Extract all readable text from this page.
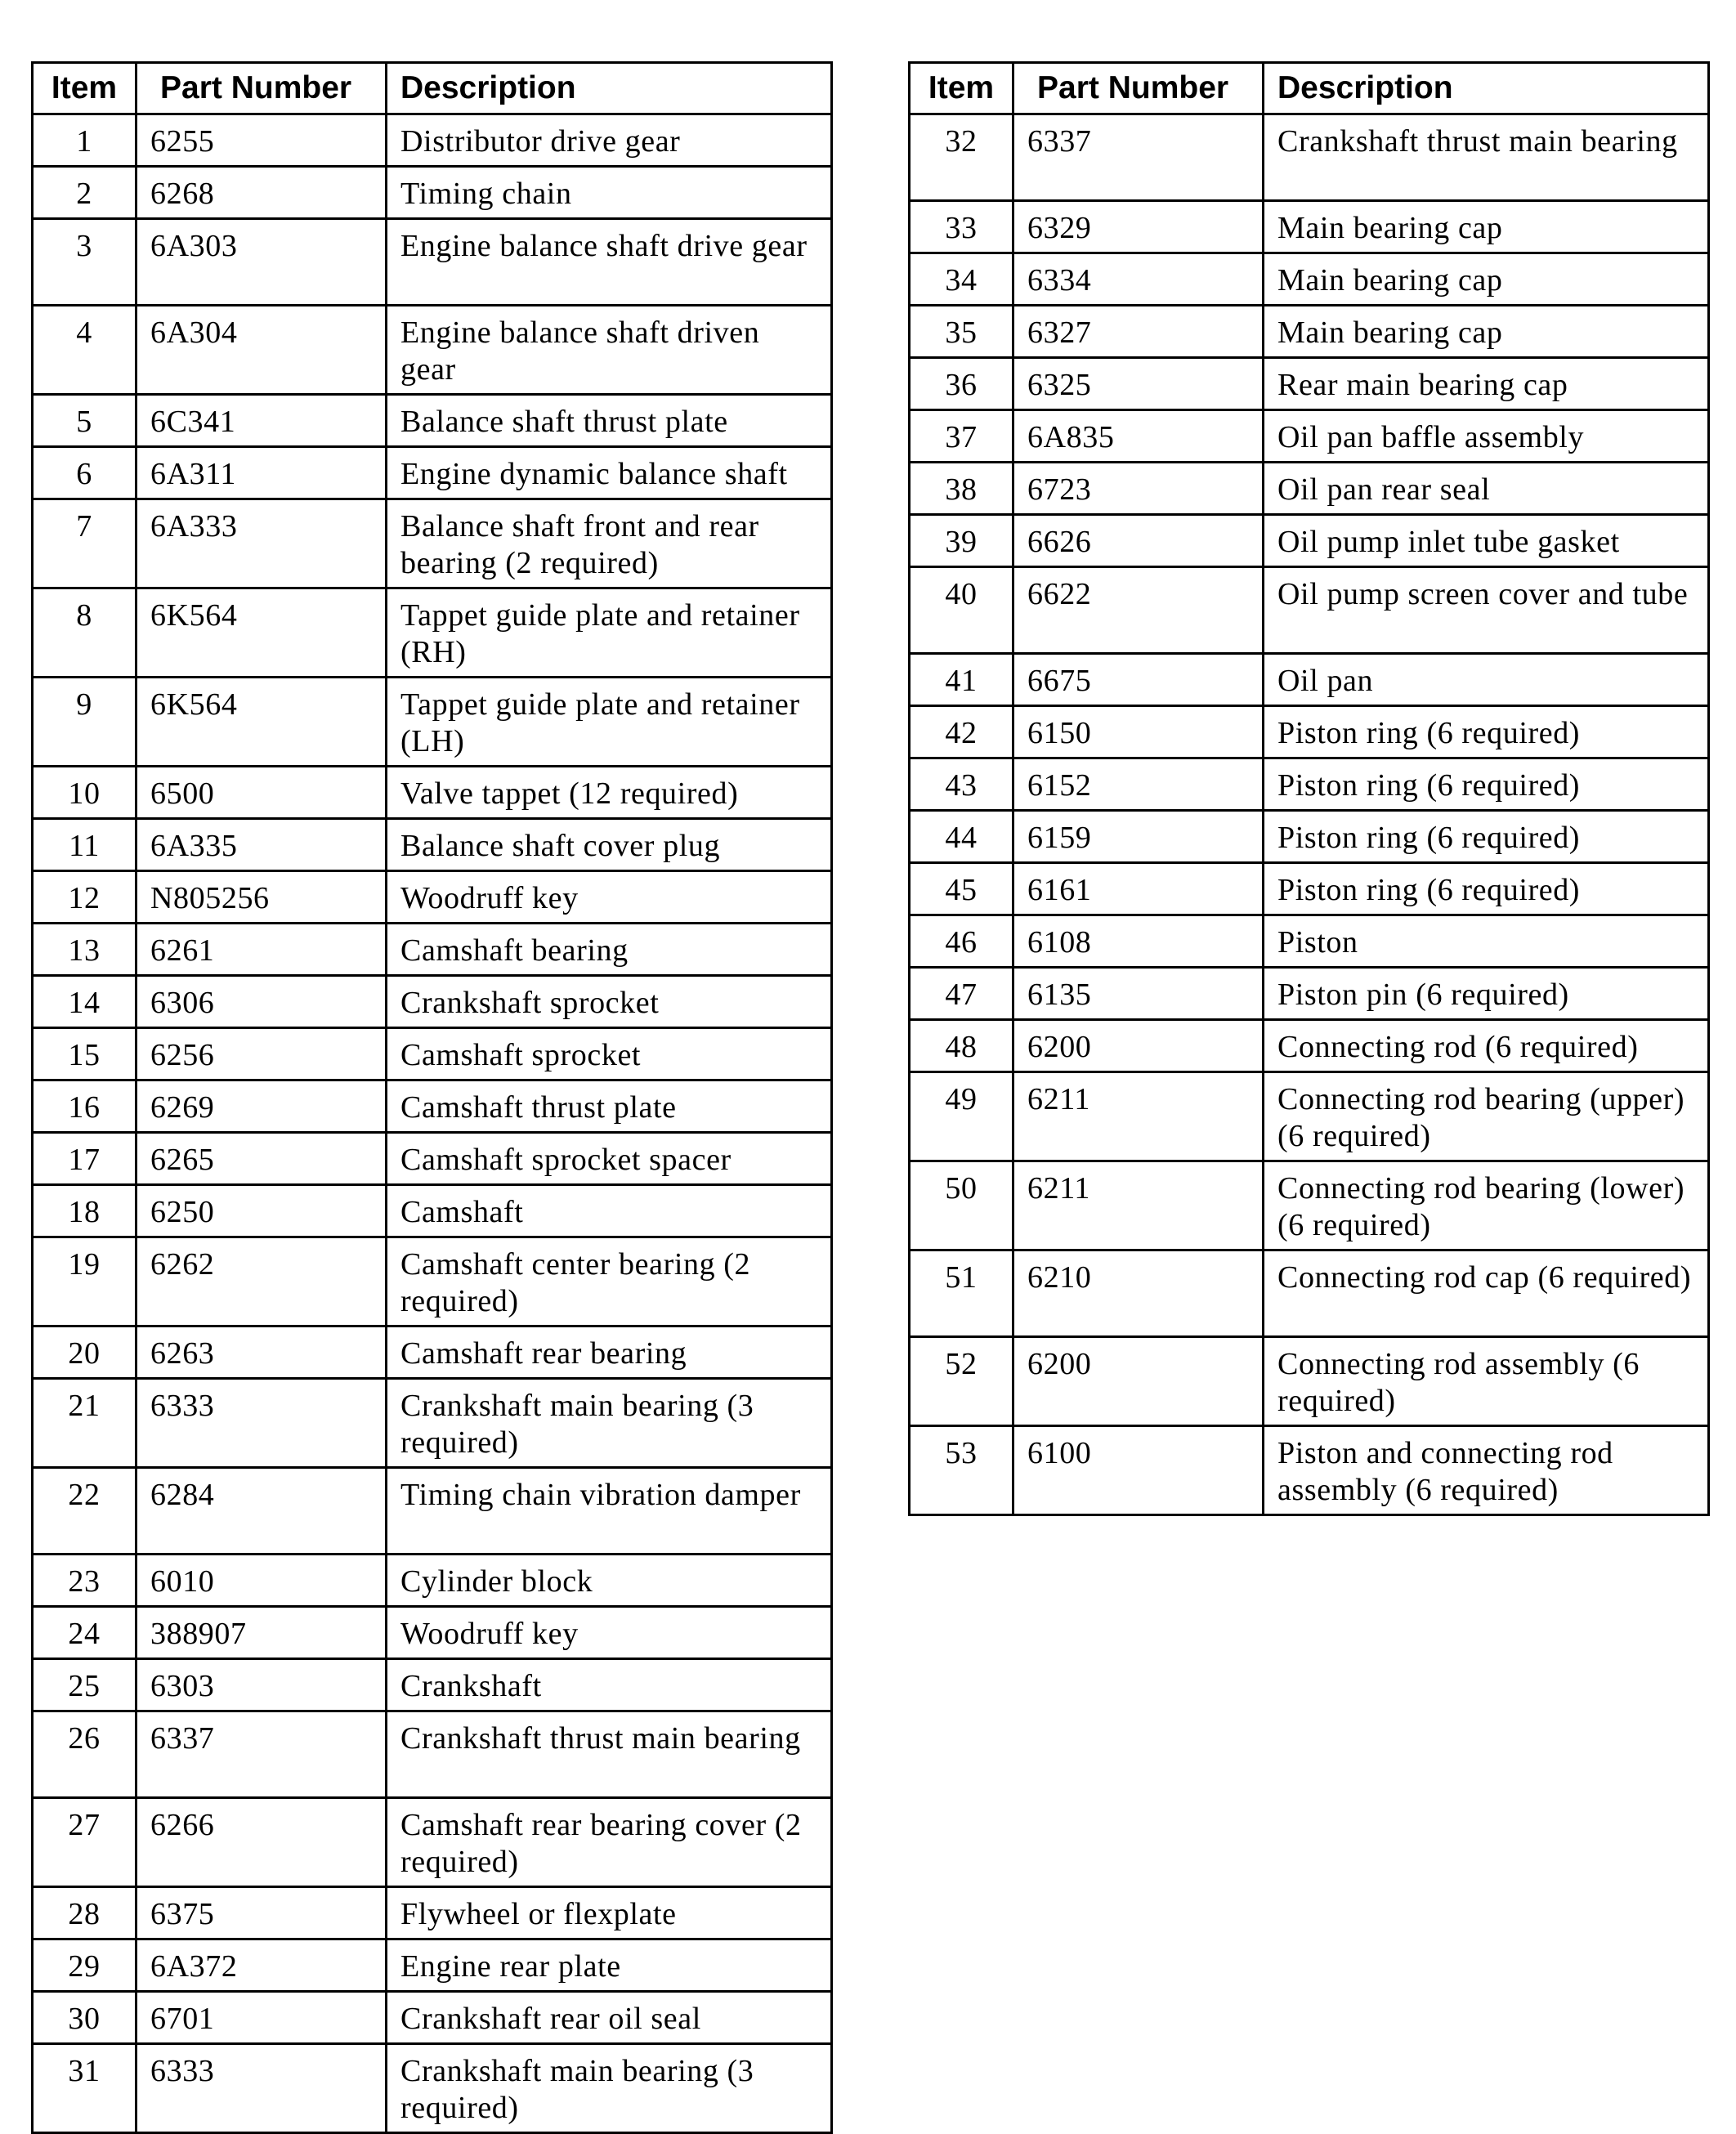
Item	Part Number	Description
1	6255	Distributor drive gear
2	6268	Timing chain
3	6A303	Engine balance shaft drive gear
4	6A304	Engine balance shaft driven gear
5	6C341	Balance shaft thrust plate
6	6A311	Engine dynamic balance shaft
7	6A333	Balance shaft front and rear bearing (2 required)
8	6K564	Tappet guide plate and retainer (RH)
9	6K564	Tappet guide plate and retainer (LH)
10	6500	Valve tappet (12 required)
11	6A335	Balance shaft cover plug
12	N805256	Woodruff key
13	6261	Camshaft bearing
14	6306	Crankshaft sprocket
15	6256	Camshaft sprocket
16	6269	Camshaft thrust plate
17	6265	Camshaft sprocket spacer
18	6250	Camshaft
19	6262	Camshaft center bearing (2 required)
20	6263	Camshaft rear bearing
21	6333	Crankshaft main bearing (3 required)
22	6284	Timing chain vibration damper
23	6010	Cylinder block
24	388907	Woodruff key
25	6303	Crankshaft
26	6337	Crankshaft thrust main bearing
27	6266	Camshaft rear bearing cover (2 required)
28	6375	Flywheel or flexplate
29	6A372	Engine rear plate
30	6701	Crankshaft rear oil seal
31	6333	Crankshaft main bearing (3 required)
Item	Part Number	Description
32	6337	Crankshaft thrust main bearing
33	6329	Main bearing cap
34	6334	Main bearing cap
35	6327	Main bearing cap
36	6325	Rear main bearing cap
37	6A835	Oil pan baffle assembly
38	6723	Oil pan rear seal
39	6626	Oil pump inlet tube gasket
40	6622	Oil pump screen cover and tube
41	6675	Oil pan
42	6150	Piston ring (6 required)
43	6152	Piston ring (6 required)
44	6159	Piston ring (6 required)
45	6161	Piston ring (6 required)
46	6108	Piston
47	6135	Piston pin (6 required)
48	6200	Connecting rod (6 required)
49	6211	Connecting rod bearing (upper) (6 required)
50	6211	Connecting rod bearing (lower) (6 required)
51	6210	Connecting rod cap (6 required)
52	6200	Connecting rod assembly (6 required)
53	6100	Piston and connecting rod assembly (6 required)
